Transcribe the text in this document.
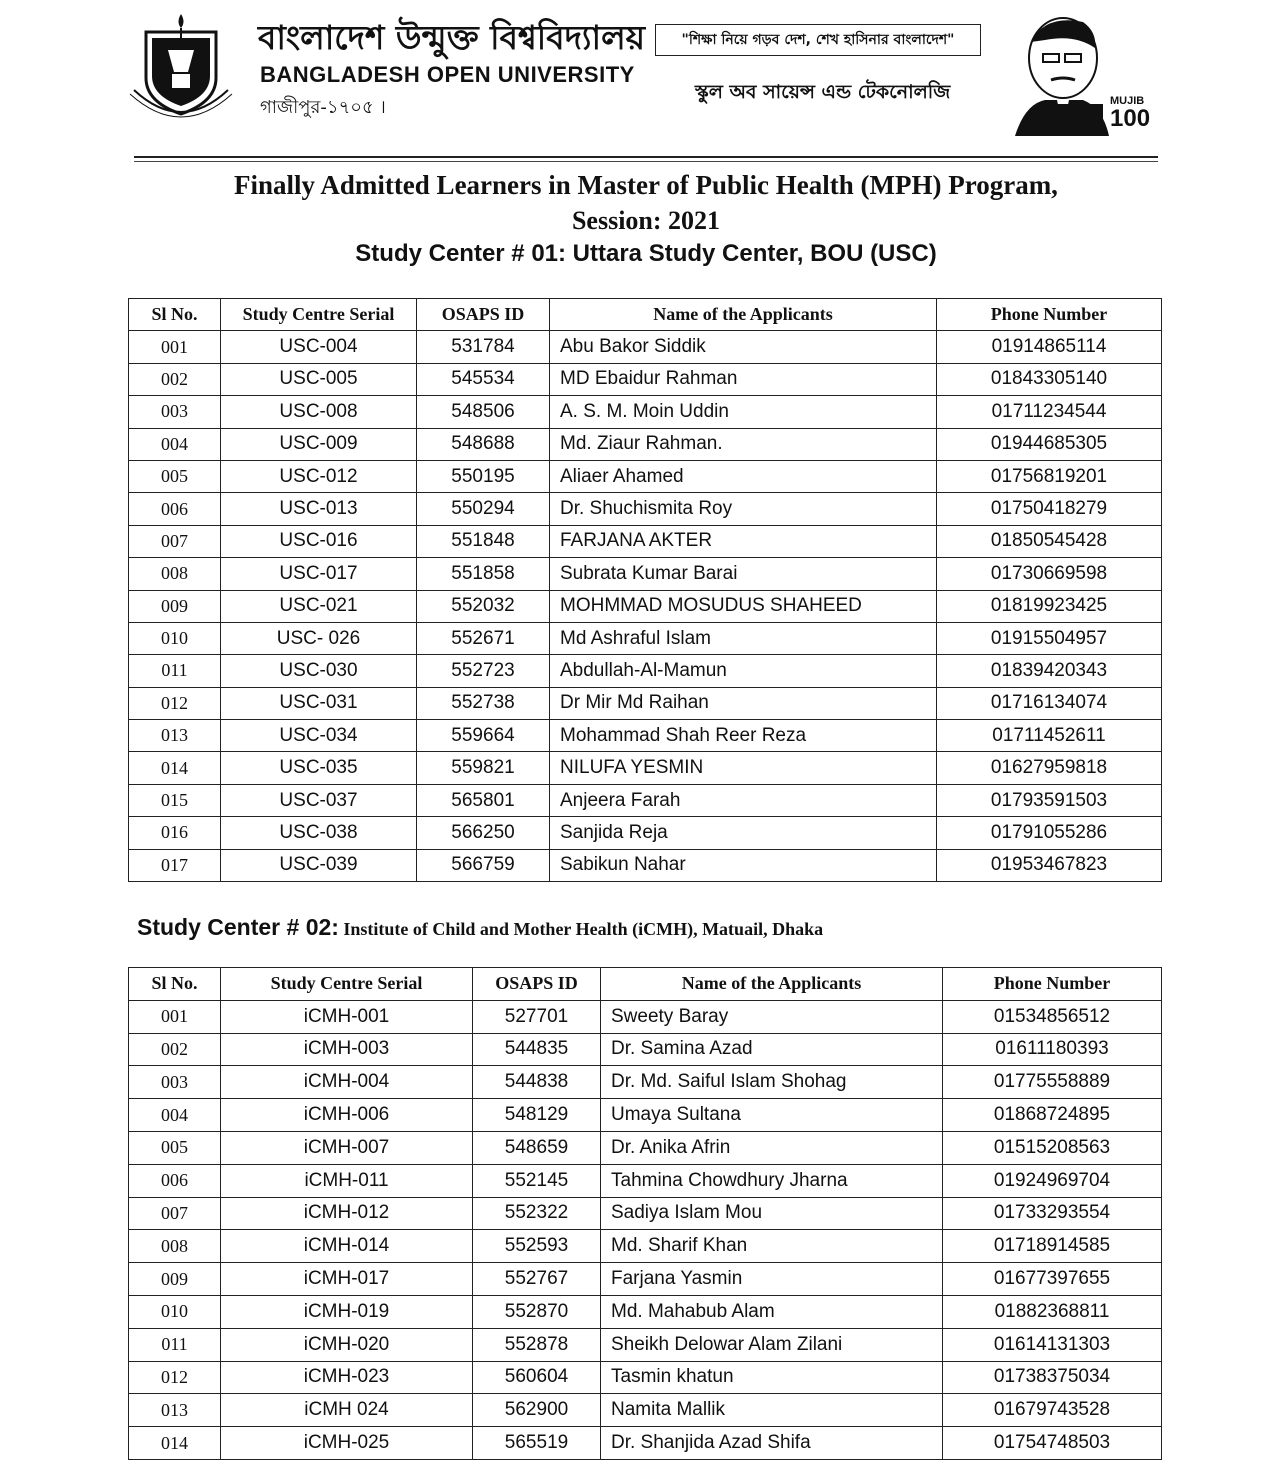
বাংলাদেশ উন্মুক্ত বিশ্ববিদ্যালয়
BANGLADESH OPEN UNIVERSITY
গাজীপুর-১৭০৫ ।
"শিক্ষা নিয়ে গড়ব দেশ, শেখ হাসিনার বাংলাদেশ"
স্কুল অব সায়েন্স এন্ড টেকনোলজি	MUJIB
100
Finally Admitted Learners in Master of Public Health (MPH) Program,
Session: 2021
Study Center # 01: Uttara Study Center, BOU (USC)
Sl No.	Study Centre Serial	OSAPS ID	Name of the Applicants	Phone Number
001	USC-004	531784	Abu Bakor Siddik	01914865114
002	USC-005	545534	MD Ebaidur Rahman	01843305140
003	USC-008	548506	A. S. M. Moin Uddin	01711234544
004	USC-009	548688	Md. Ziaur Rahman.	01944685305
005	USC-012	550195	Aliaer Ahamed	01756819201
006	USC-013	550294	Dr. Shuchismita Roy	01750418279
007	USC-016	551848	FARJANA AKTER	01850545428
008	USC-017	551858	Subrata Kumar Barai	01730669598
009	USC-021	552032	MOHMMAD MOSUDUS SHAHEED	01819923425
010	USC- 026	552671	Md Ashraful Islam	01915504957
011	USC-030	552723	Abdullah-Al-Mamun	01839420343
012	USC-031	552738	Dr Mir Md Raihan	01716134074
013	USC-034	559664	Mohammad Shah Reer Reza	01711452611
014	USC-035	559821	NILUFA YESMIN	01627959818
015	USC-037	565801	Anjeera Farah	01793591503
016	USC-038	566250	Sanjida Reja	01791055286
017	USC-039	566759	Sabikun Nahar	01953467823
Study Center # 02: Institute of Child and Mother Health (iCMH), Matuail, Dhaka
Sl No.	Study Centre Serial	OSAPS ID	Name of the Applicants	Phone Number
001	iCMH-001	527701	Sweety Baray	01534856512
002	iCMH-003	544835	Dr. Samina Azad	01611180393
003	iCMH-004	544838	Dr. Md. Saiful Islam Shohag	01775558889
004	iCMH-006	548129	Umaya Sultana	01868724895
005	iCMH-007	548659	Dr. Anika Afrin	01515208563
006	iCMH-011	552145	Tahmina Chowdhury Jharna	01924969704
007	iCMH-012	552322	Sadiya Islam Mou	01733293554
008	iCMH-014	552593	Md. Sharif Khan	01718914585
009	iCMH-017	552767	Farjana Yasmin	01677397655
010	iCMH-019	552870	Md. Mahabub Alam	01882368811
011	iCMH-020	552878	Sheikh Delowar Alam Zilani	01614131303
012	iCMH-023	560604	Tasmin khatun	01738375034
013	iCMH 024	562900	Namita Mallik	01679743528
014	iCMH-025	565519	Dr. Shanjida Azad Shifa	01754748503
